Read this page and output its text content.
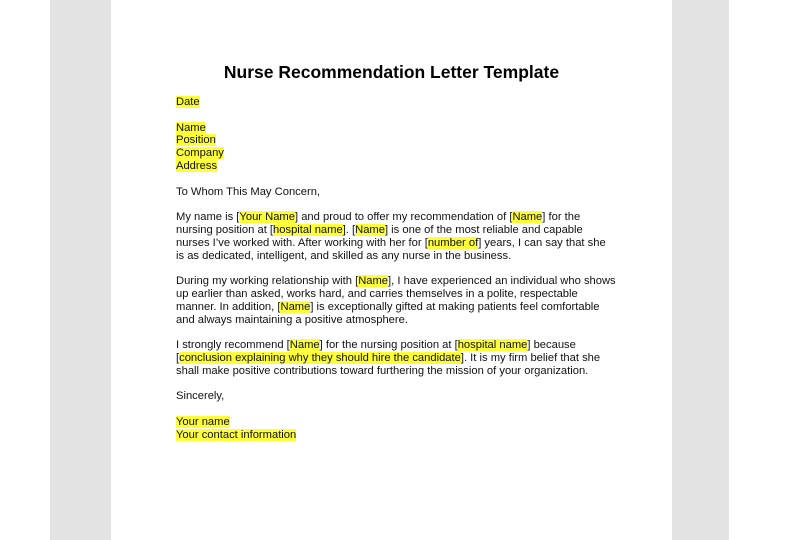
Nurse Recommendation Letter Template

Date

Name

Position

Company

Address

To Whom This May Concern,

My name is [Your Name] and proud to offer my recommendation of [Name] for the nursing position at [hospital name]. [Name] is one of the most reliable and capable nurses I’ve worked with. After working with her for [number of] years, I can say that she is as dedicated, intelligent, and skilled as any nurse in the business.

During my working relationship with [Name], I have experienced an individual who shows up earlier than asked, works hard, and carries themselves in a polite, respectable manner. In addition, [Name] is exceptionally gifted at making patients feel comfortable and always maintaining a positive atmosphere.

I strongly recommend [Name] for the nursing position at [hospital name] because [conclusion explaining why they should hire the candidate]. It is my firm belief that she shall make positive contributions toward furthering the mission of your organization.

Sincerely,

Your name

Your contact information
